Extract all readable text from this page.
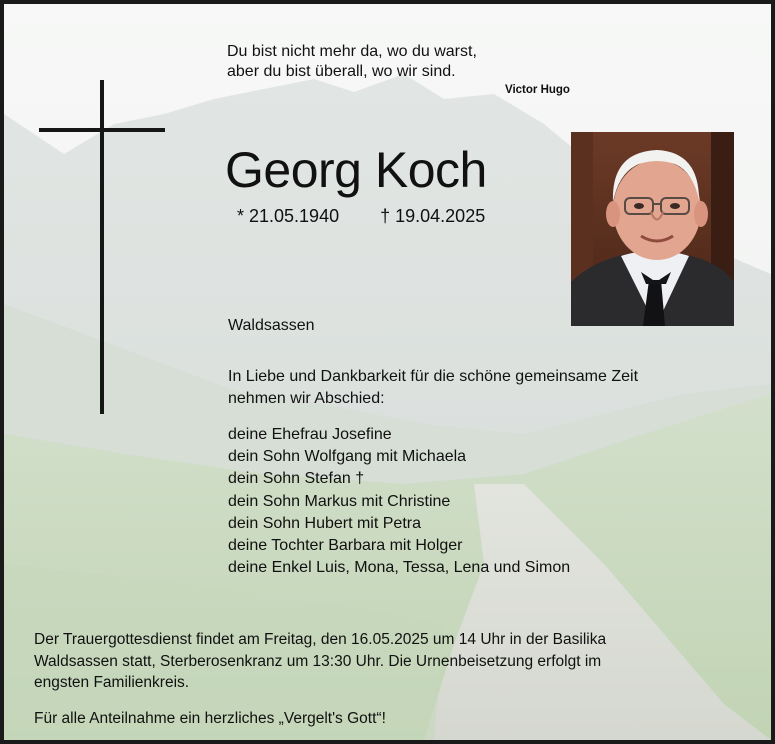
Du bist nicht mehr da, wo du warst,
aber du bist überall, wo wir sind.
Victor Hugo
Georg Koch
* 21.05.1940 † 19.04.2025
Waldsassen
In Liebe und Dankbarkeit für die schöne gemeinsame Zeit
nehmen wir Abschied:
deine Ehefrau Josefine
dein Sohn Wolfgang mit Michaela
dein Sohn Stefan †
dein Sohn Markus mit Christine
dein Sohn Hubert mit Petra
deine Tochter Barbara mit Holger
deine Enkel Luis, Mona, Tessa, Lena und Simon
Der Trauergottesdienst findet am Freitag, den 16.05.2025 um 14 Uhr in der Basilika
Waldsassen statt, Sterberosenkranz um 13:30 Uhr. Die Urnenbeisetzung erfolgt im
engsten Familienkreis.
Für alle Anteilnahme ein herzliches „Vergelt's Gott“!
